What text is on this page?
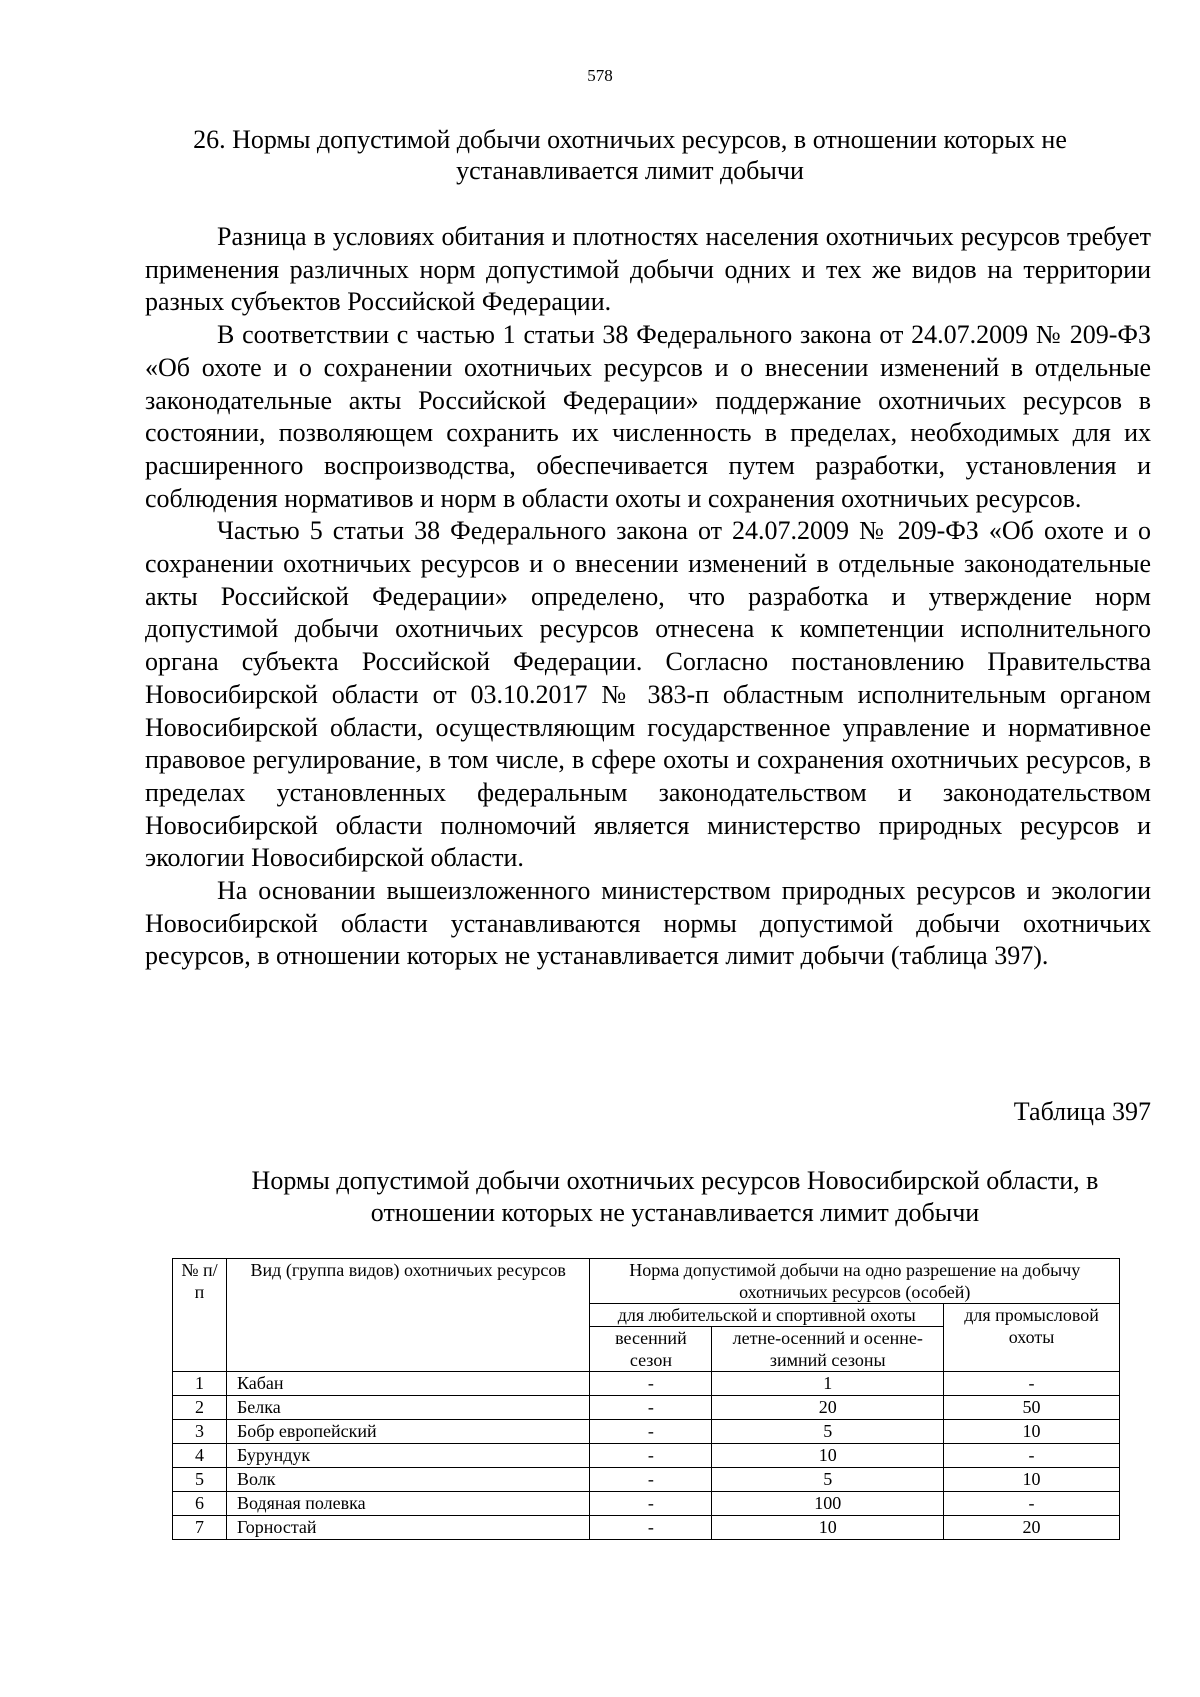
578
26. Нормы допустимой добычи охотничьих ресурсов, в отношении которых не
устанавливается лимит добычи

Разница в условиях обитания и плотностях населения охотничьих ресурсов требует применения различных норм допустимой добычи одних и тех же видов на территории разных субъектов Российской Федерации.

В соответствии с частью 1 статьи 38 Федерального закона от 24.07.2009 № 209-ФЗ «Об охоте и о сохранении охотничьих ресурсов и о внесении изменений в отдельные законодательные акты Российской Федерации» поддержание охотничьих ресурсов в состоянии, позволяющем сохранить их численность в пределах, необходимых для их расширенного воспроизводства, обеспечивается путем разработки, установления и соблюдения нормативов и норм в области охоты и сохранения охотничьих ресурсов.

Частью 5 статьи 38 Федерального закона от 24.07.2009 № 209-ФЗ «Об охоте и о сохранении охотничьих ресурсов и о внесении изменений в отдельные законодательные акты Российской Федерации» определено, что разработка и утверждение норм допустимой добычи охотничьих ресурсов отнесена к компетенции исполнительного органа субъекта Российской Федерации. Согласно постановлению Правительства Новосибирской области от 03.10.2017 № 383-п областным исполнительным органом Новосибирской области, осуществляющим государственное управление и нормативное правовое регулирование, в том числе, в сфере охоты и сохранения охотничьих ресурсов, в пределах установленных федеральным законодательством и законодательством Новосибирской области полномочий является министерство природных ресурсов и экологии Новосибирской области.

На основании вышеизложенного министерством природных ресурсов и экологии Новосибирской области устанавливаются нормы допустимой добычи охотничьих ресурсов, в отношении которых не устанавливается лимит добычи (таблица 397).

Таблица 397
Нормы допустимой добычи охотничьих ресурсов Новосибирской области, в
отношении которых не устанавливается лимит добычи
№ п/п	Вид (группа видов) охотничьих ресурсов	Норма допустимой добычи на одно разрешение на добычу охотничьих ресурсов (особей)		
		для любительской и спортивной охоты		для промысловой охоты
		весенний сезон	летне-осенний и осенне-зимний сезоны	
1	Кабан	-	1	-
2	Белка	-	20	50
3	Бобр европейский	-	5	10
4	Бурундук	-	10	-
5	Волк	-	5	10
6	Водяная полевка	-	100	-
7	Горностай	-	10	20
